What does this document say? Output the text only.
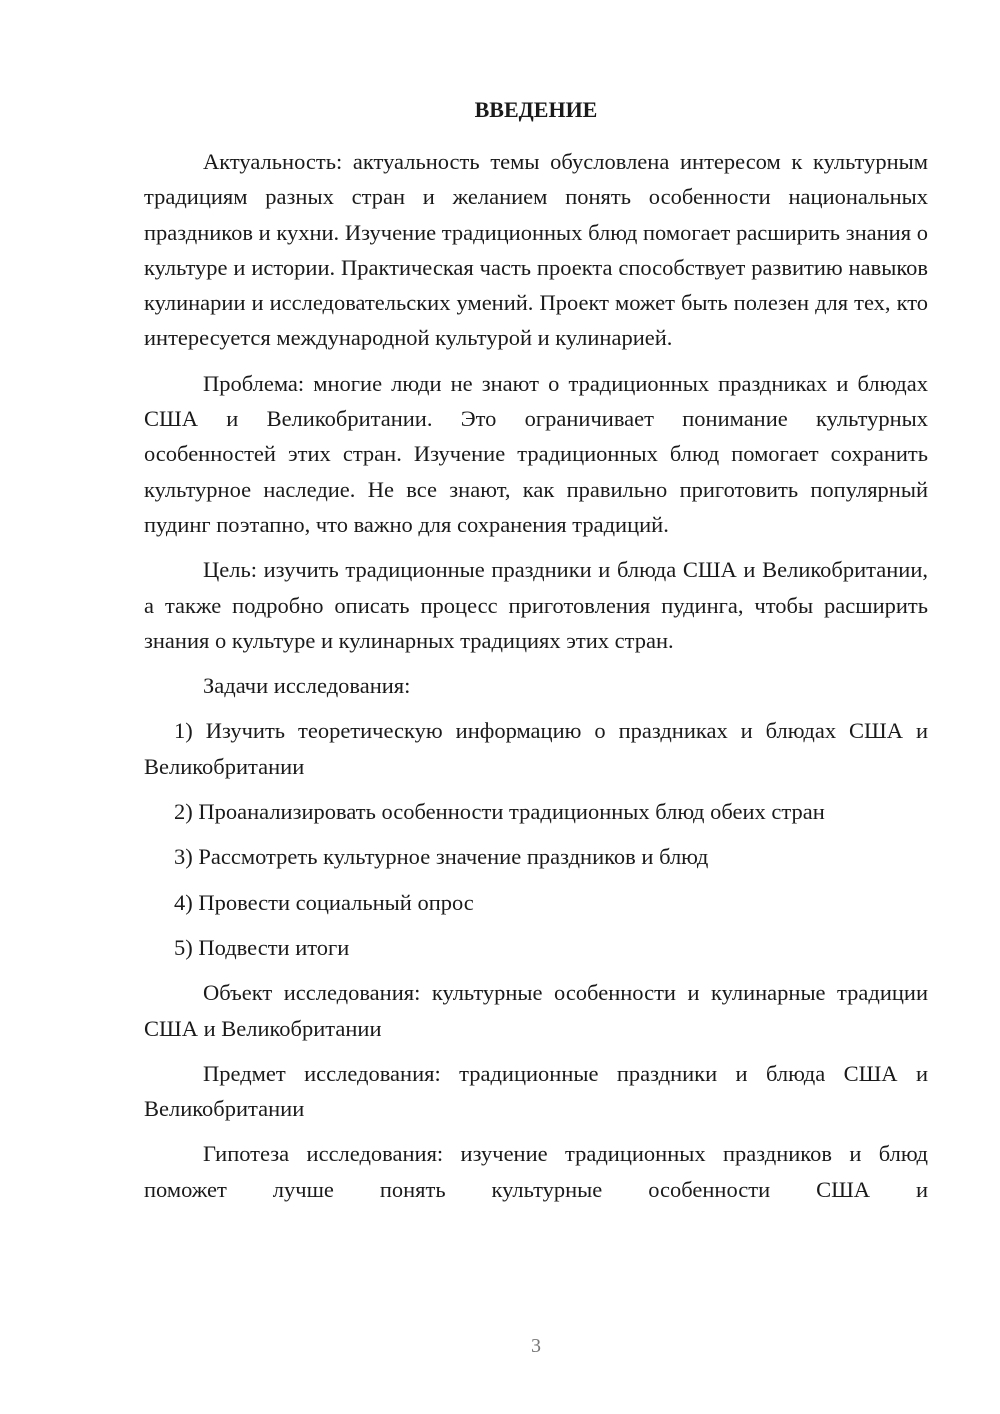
ВВЕДЕНИЕ

Актуальность: актуальность темы обусловлена интересом к культурным традициям разных стран и желанием понять особенности национальных праздников и кухни. Изучение традиционных блюд помогает расширить знания о культуре и истории. Практическая часть проекта способствует развитию навыков кулинарии и исследовательских умений. Проект может быть полезен для тех, кто интересуется международной культурой и кулинарией.

Проблема: многие люди не знают о традиционных праздниках и блюдах США и Великобритании. Это ограничивает понимание культурных особенностей этих стран. Изучение традиционных блюд помогает сохранить культурное наследие. Не все знают, как правильно приготовить популярный пудинг поэтапно, что важно для сохранения традиций.

Цель: изучить традиционные праздники и блюда США и Великобритании, а также подробно описать процесс приготовления пудинга, чтобы расширить знания о культуре и кулинарных традициях этих стран.

Задачи исследования:

1) Изучить теоретическую информацию о праздниках и блюдах США и Великобритании

2) Проанализировать особенности традиционных блюд обеих стран

3) Рассмотреть культурное значение праздников и блюд

4) Провести социальный опрос

5) Подвести итоги

Объект исследования: культурные особенности и кулинарные традиции США и Великобритании

Предмет исследования: традиционные праздники и блюда США и Великобритании

Гипотеза исследования: изучение традиционных праздников и блюд поможет лучше понять культурные особенности США и

3
